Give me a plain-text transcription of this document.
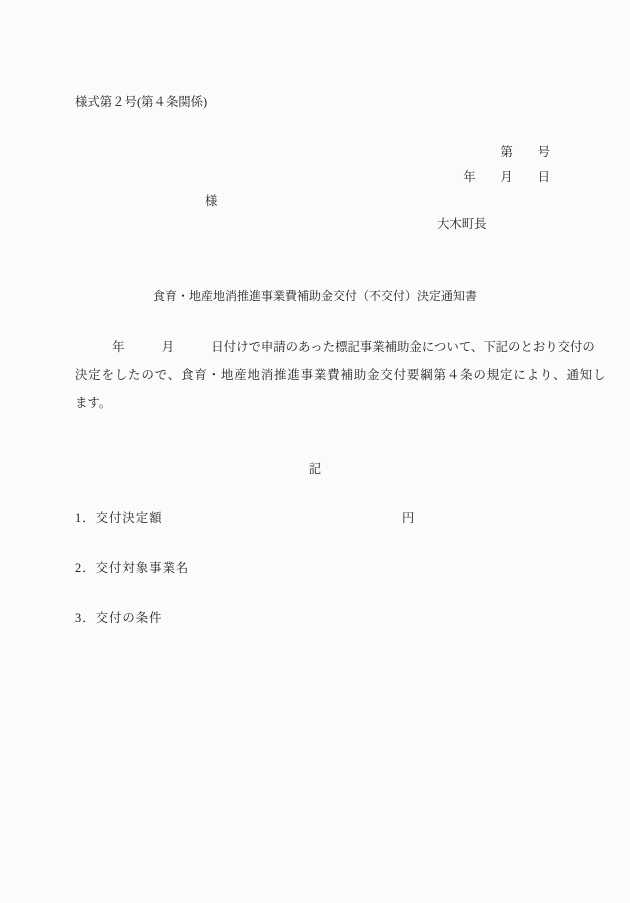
様式第２号(第４条関係)
第　　号
年　　月　　日
様
大木町長
食育・地産地消推進事業費補助金交付（不交付）決定通知書
　　　年　　　月　　　日付けで申請のあった標記事業補助金について、下記のとおり交付の
決定をしたので、食育・地産地消推進事業費補助金交付要綱第４条の規定により、通知し
ます。
記
1．交付決定額	円
2．交付対象事業名
3．交付の条件
